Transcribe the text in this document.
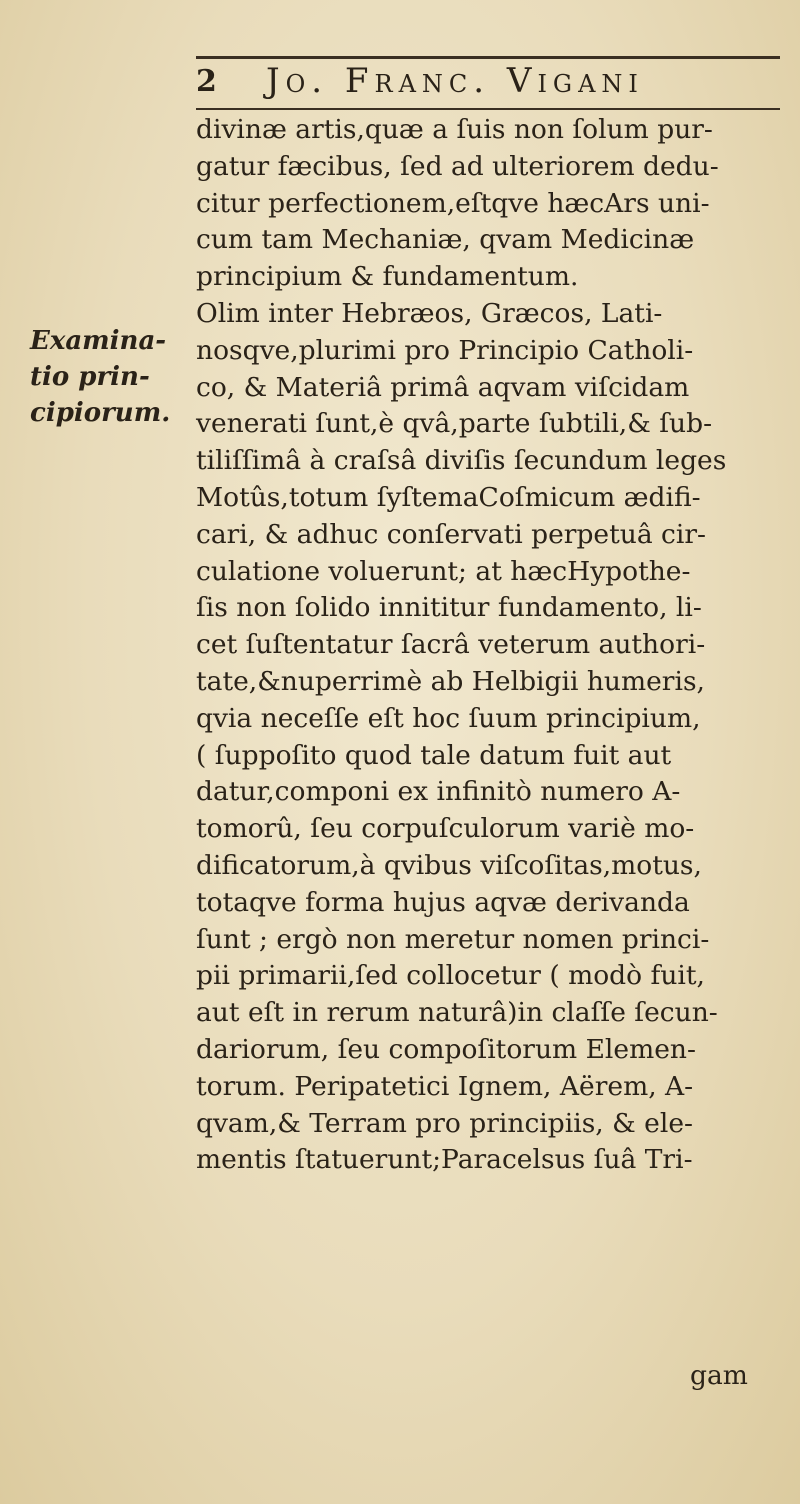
2	Jo. Franc. Vigani
Examina-
tio prin-
cipiorum.
divinæ artis,quæ a ſuis non ſolum pur-
gatur fæcibus, ſed ad ulteriorem dedu-
citur perfectionem,eſtqve hæcArs uni-
cum tam Mechaniæ, qvam Medicinæ
principium & fundamentum.
Olim inter Hebræos, Græcos, Lati-
nosqve,plurimi pro Principio Catholi-
co, & Materiâ primâ aqvam viſcidam
venerati ſunt,è qvâ,parte ſubtili,& ſub-
tiliſſimâ à craſsâ diviſis ſecundum leges
Motûs,totum ſyſtemaCoſmicum ædifi-
cari, & adhuc conſervati perpetuâ cir-
culatione voluerunt; at hæcHypothe-
ſis non ſolido innititur fundamento, li-
cet ſuſtentatur ſacrâ veterum authori-
tate,&nuperrimè ab Helbigii humeris,
qvia neceſſe eſt hoc ſuum principium,
( ſuppoſito quod tale datum fuit aut
datur,componi ex infinitò numero A-
tomorû, ſeu corpuſculorum variè mo-
dificatorum,à qvibus viſcoſitas,motus,
totaqve forma hujus aqvæ derivanda
ſunt ; ergò non meretur nomen princi-
pii primarii,ſed collocetur ( modò fuit,
aut eſt in rerum naturâ)in claſſe ſecun-
dariorum, ſeu compoſitorum Elemen-
torum. Peripatetici Ignem, Aërem, A-
qvam,& Terram pro principiis, & ele-
mentis ſtatuerunt;Paracelsus ſuâ Tri-
gam
